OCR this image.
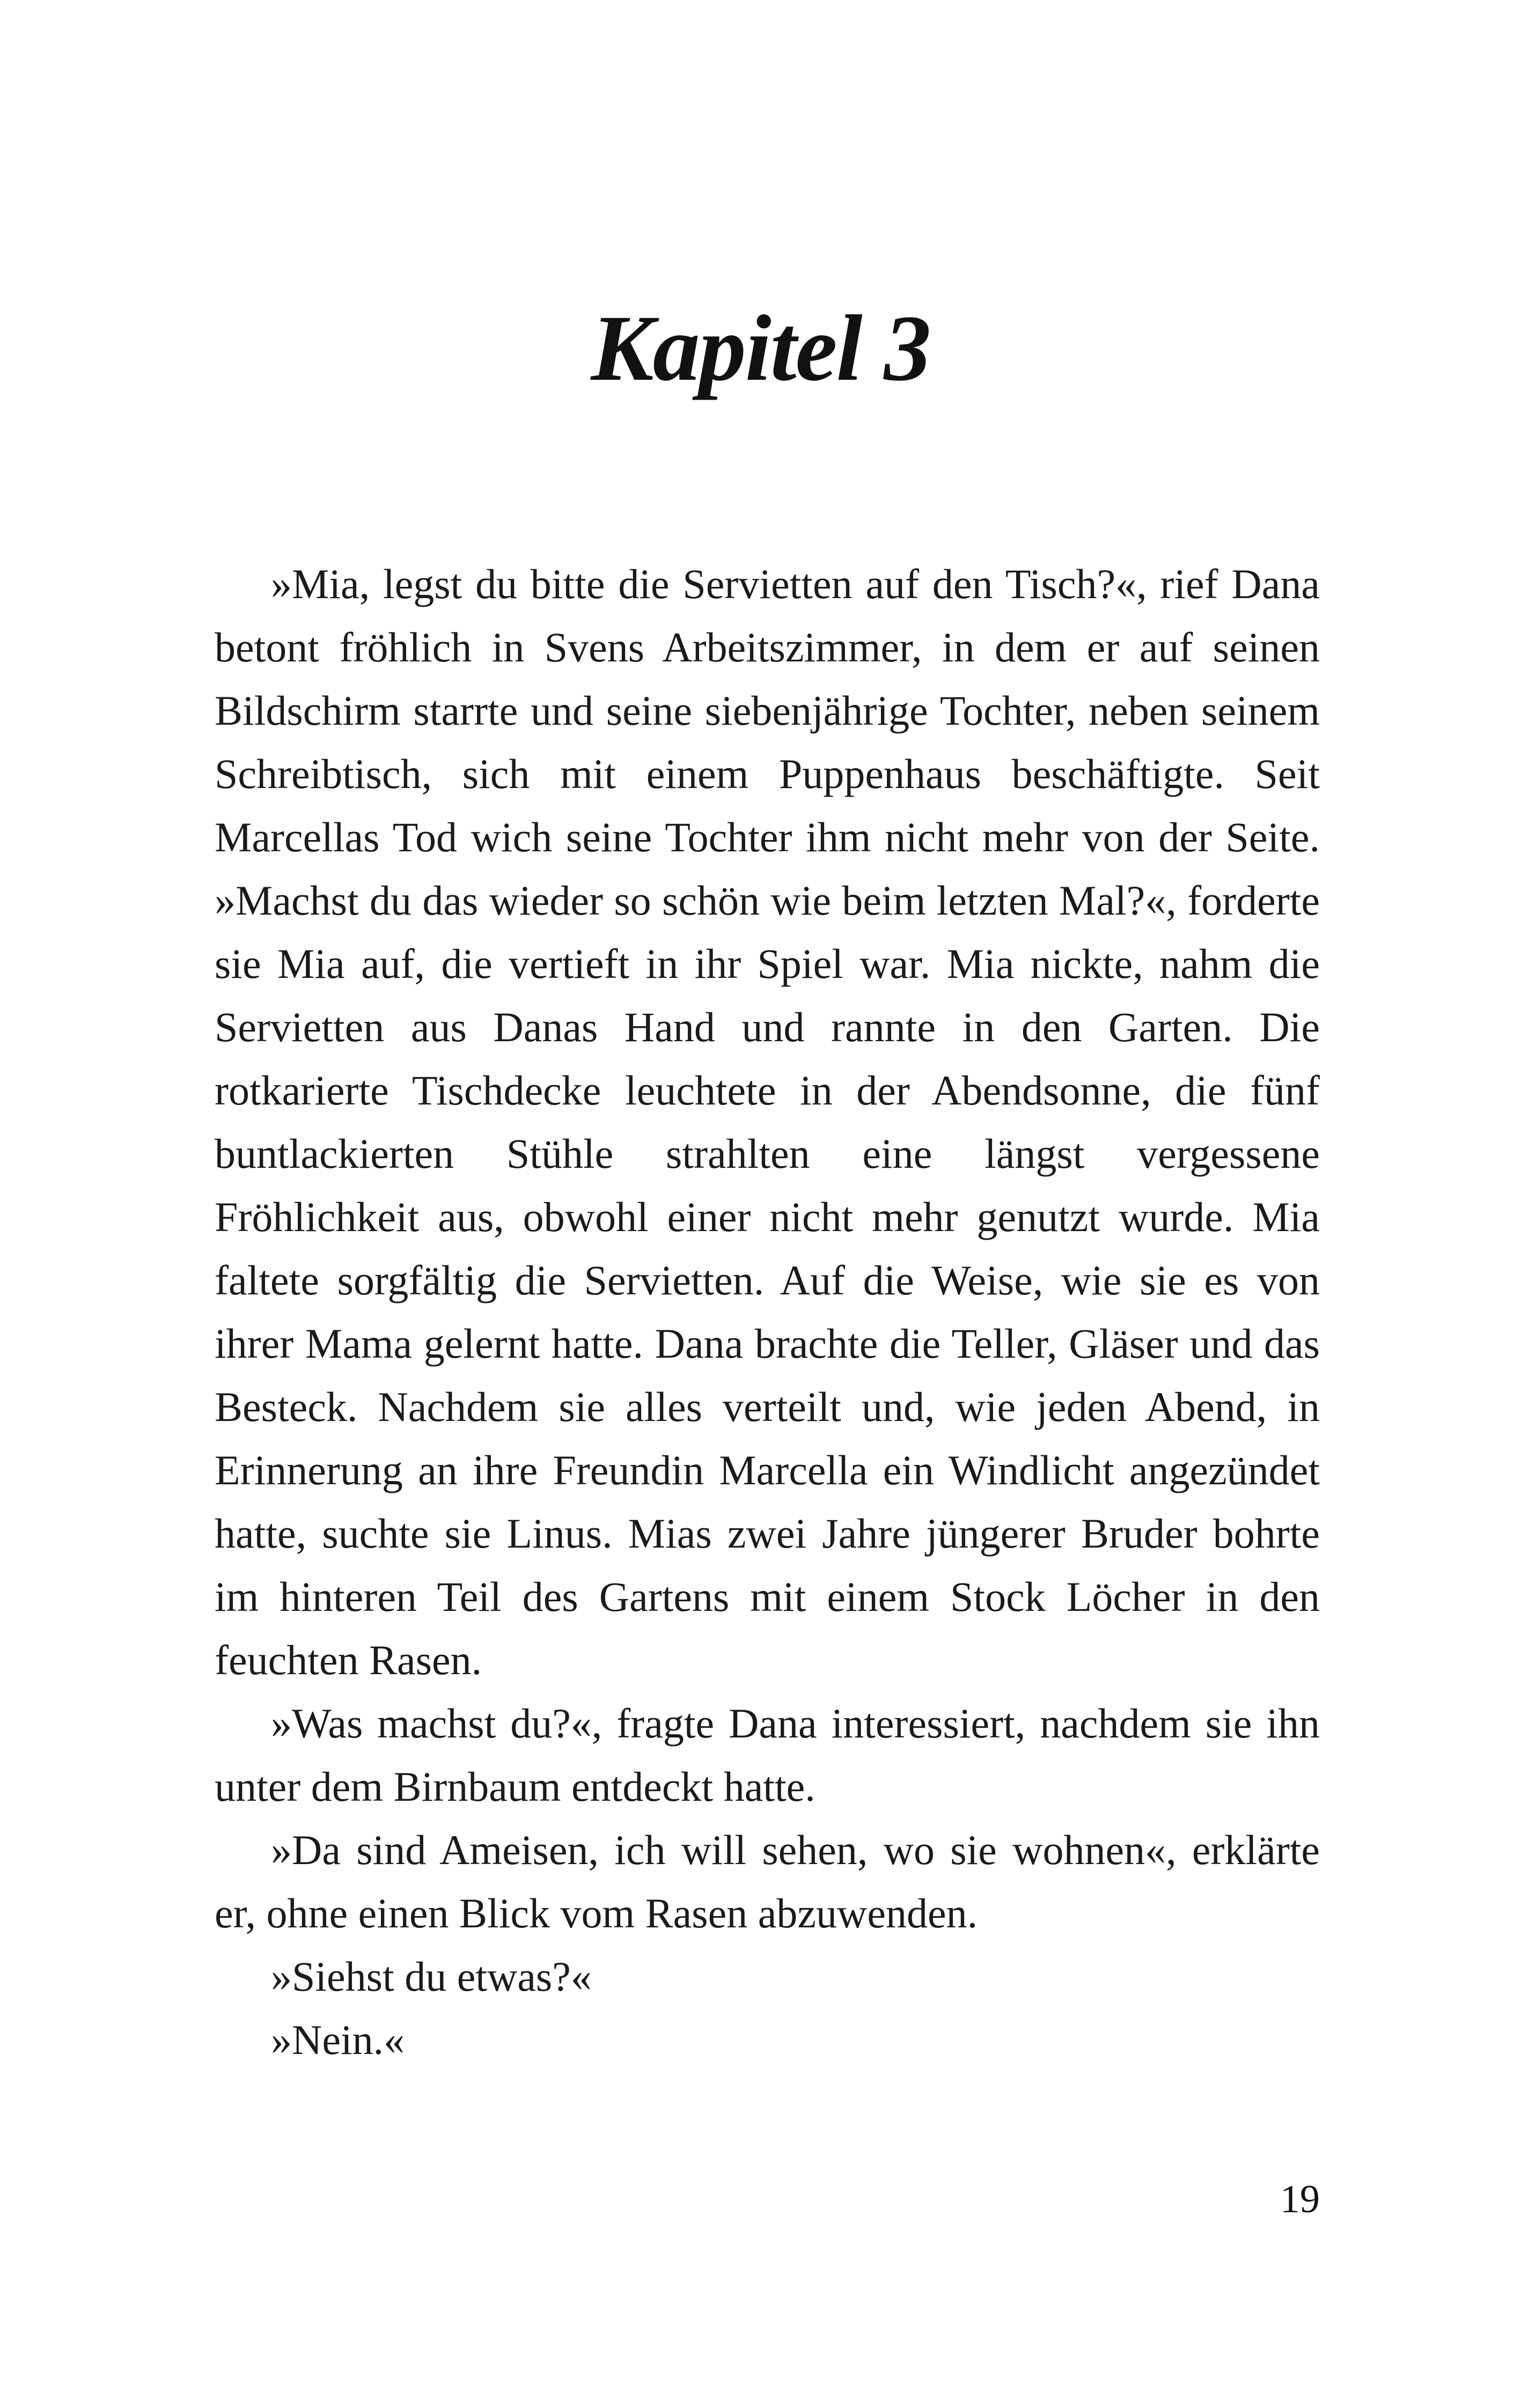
Kapitel 3

»Mia, legst du bitte die Servietten auf den Tisch?«, rief Dana betont fröhlich in Svens Arbeitszimmer, in dem er auf seinen Bildschirm starrte und seine siebenjährige Tochter, neben seinem Schreibtisch, sich mit einem Puppenhaus beschäftigte. Seit Marcellas Tod wich seine Tochter ihm nicht mehr von der Seite. »Machst du das wieder so schön wie beim letzten Mal?«, forderte sie Mia auf, die vertieft in ihr Spiel war. Mia nickte, nahm die Servietten aus Danas Hand und rannte in den Garten. Die rotkarierte Tischdecke leuchtete in der Abendsonne, die fünf buntlackierten Stühle strahlten eine längst vergessene Fröhlichkeit aus, obwohl einer nicht mehr genutzt wurde. Mia faltete sorgfältig die Servietten. Auf die Weise, wie sie es von ihrer Mama gelernt hatte. Dana brachte die Teller, Gläser und das Besteck. Nachdem sie alles verteilt und, wie jeden Abend, in Erinnerung an ihre Freundin Marcella ein Windlicht angezündet hatte, suchte sie Linus. Mias zwei Jahre jüngerer Bruder bohrte im hinteren Teil des Gartens mit einem Stock Löcher in den feuchten Rasen.

»Was machst du?«, fragte Dana interessiert, nachdem sie ihn unter dem Birnbaum entdeckt hatte.

»Da sind Ameisen, ich will sehen, wo sie wohnen«, erklärte er, ohne einen Blick vom Rasen abzuwenden.

»Siehst du etwas?«

»Nein.«

19
